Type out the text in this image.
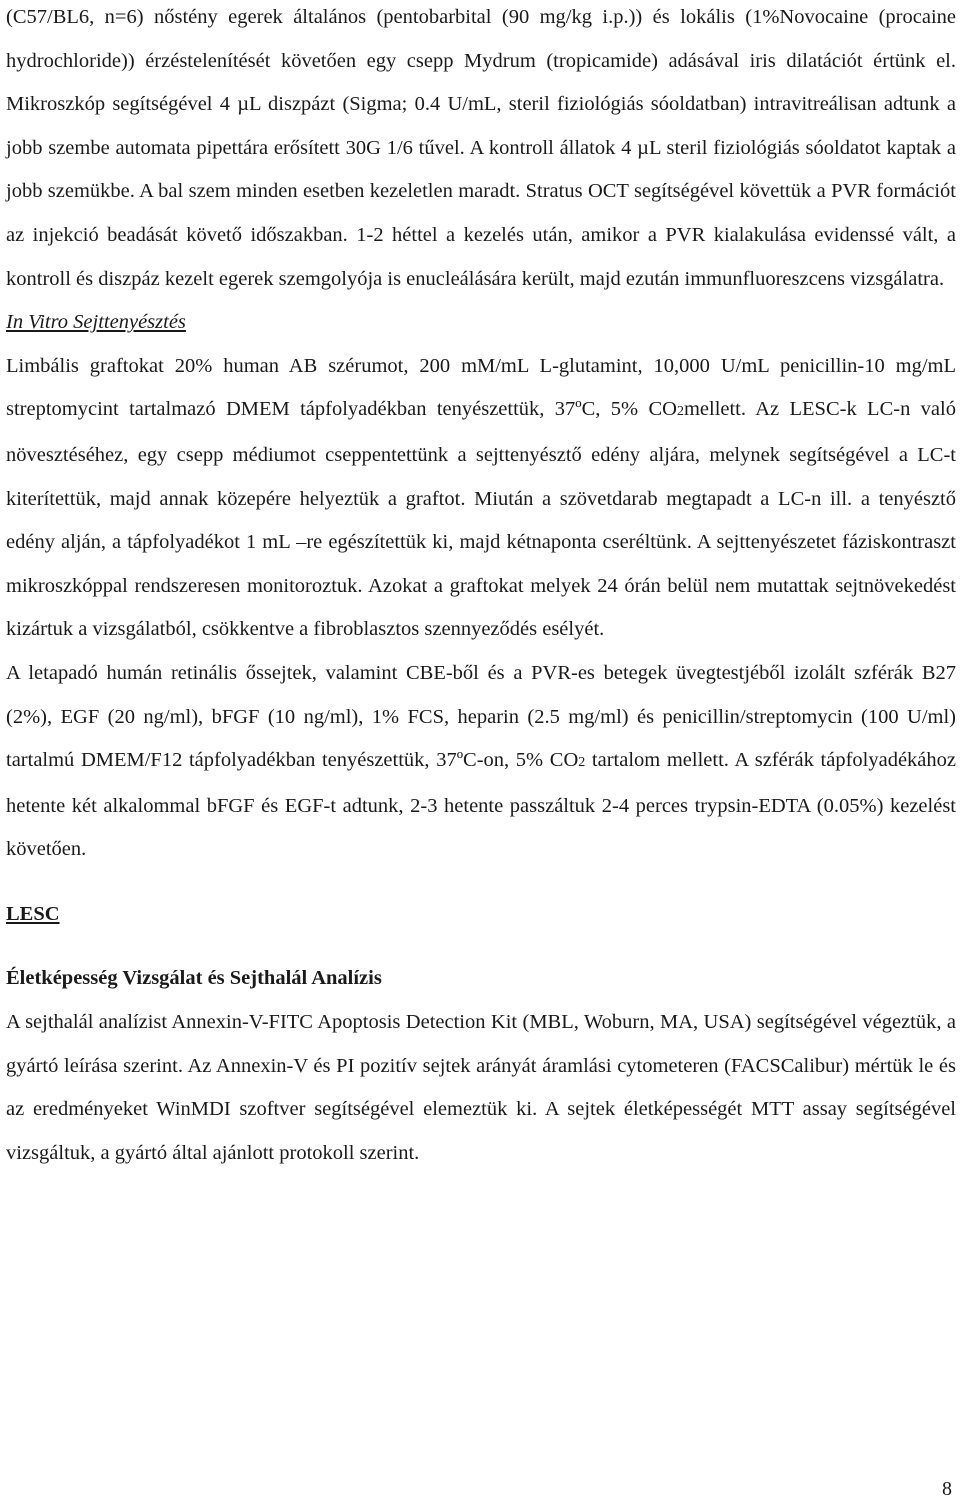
(C57/BL6, n=6) nőstény egerek általános (pentobarbital (90 mg/kg i.p.)) és lokális (1%Novocaine (procaine hydrochloride)) érzéstelenítését követően egy csepp Mydrum (tropicamide) adásával iris dilatációt értünk el. Mikroszkóp segítségével 4 µL diszpázt (Sigma; 0.4 U/mL, steril fiziológiás sóoldatban) intravitreálisan adtunk a jobb szembe automata pipettára erősített 30G 1/6 tűvel. A kontroll állatok 4 µL steril fiziológiás sóoldatot kaptak a jobb szemükbe. A bal szem minden esetben kezeletlen maradt. Stratus OCT segítségével követtük a PVR formációt az injekció beadását követő időszakban. 1-2 héttel a kezelés után, amikor a PVR kialakulása evidenssé vált, a kontroll és diszpáz kezelt egerek szemgolyója is enucleálására került, majd ezután immunfluoreszcens vizsgálatra.

In Vitro Sejttenyésztés

Limbális graftokat 20% human AB szérumot, 200 mM/mL L-glutamint, 10,000 U/mL penicillin-10 mg/mL streptomycint tartalmazó DMEM tápfolyadékban tenyészettük, 37ºC, 5% CO2mellett. Az LESC-k LC-n való növesztéséhez, egy csepp médiumot cseppentettünk a sejttenyésztő edény aljára, melynek segítségével a LC-t kiterítettük, majd annak közepére helyeztük a graftot. Miután a szövetdarab megtapadt a LC-n ill. a tenyésztő edény alján, a tápfolyadékot 1 mL –re egészítettük ki, majd kétnaponta cseréltünk. A sejttenyészetet fáziskontraszt mikroszkóppal rendszeresen monitoroztuk. Azokat a graftokat melyek 24 órán belül nem mutattak sejtnövekedést kizártuk a vizsgálatból, csökkentve a fibroblasztos szennyeződés esélyét.

A letapadó humán retinális őssejtek, valamint CBE-ből és a PVR-es betegek üvegtestjéből izolált szférák B27 (2%), EGF (20 ng/ml), bFGF (10 ng/ml), 1% FCS, heparin (2.5 mg/ml) és penicillin/streptomycin (100 U/ml) tartalmú DMEM/F12 tápfolyadékban tenyészettük, 37ºC-on, 5% CO2 tartalom mellett. A szférák tápfolyadékához hetente két alkalommal bFGF és EGF-t adtunk, 2-3 hetente passzáltuk 2-4 perces trypsin-EDTA (0.05%) kezelést követően.

LESC
Életképesség Vizsgálat és Sejthalál Analízis

A sejthalál analízist Annexin-V-FITC Apoptosis Detection Kit (MBL, Woburn, MA, USA) segítségével végeztük, a gyártó leírása szerint. Az Annexin-V és PI pozitív sejtek arányát áramlási cytometeren (FACSCalibur) mértük le és az eredményeket WinMDI szoftver segítségével elemeztük ki. A sejtek életképességét MTT assay segítségével vizsgáltuk, a gyártó által ajánlott protokoll szerint.

8
